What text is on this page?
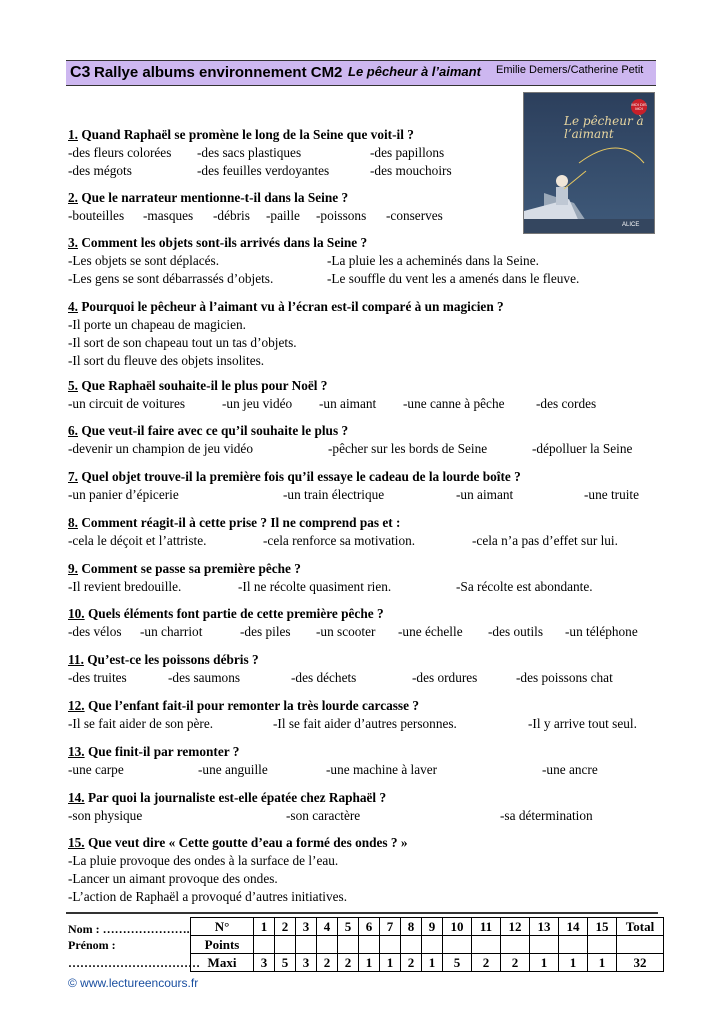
C3 Rallye albums environnement CM2 Le pêcheur à l’aimant Emilie Demers/Catherine Petit
Le pêcheur à l’aimant
MOI DIS MOI
ALICE
1. Quand Raphaël se promène le long de la Seine que voit-il ?
-des fleurs colorées -des sacs plastiques	-des papillons
-des mégots	-des feuilles verdoyantes	-des mouchoirs
2. Que le narrateur mentionne-t-il dans la Seine ?
-bouteilles -masques -débris -paille -poissons -conserves
3. Comment les objets sont-ils arrivés dans la Seine ?
-Les objets se sont déplacés.	-La pluie les a acheminés dans la Seine.
-Les gens se sont débarrassés d’objets.	-Le souffle du vent les a amenés dans le fleuve.
4. Pourquoi le pêcheur à l’aimant vu à l’écran est-il comparé à un magicien ?
-Il porte un chapeau de magicien.
-Il sort de son chapeau tout un tas d’objets.
-Il sort du fleuve des objets insolites.
5. Que Raphaël souhaite-il le plus pour Noël ?
-un circuit de voitures	-un jeu vidéo -un aimant -une canne à pêche -des cordes
6. Que veut-il faire avec ce qu’il souhaite le plus ?
-devenir un champion de jeu vidéo	-pêcher sur les bords de Seine	-dépolluer la Seine
7. Quel objet trouve-il la première fois qu’il essaye le cadeau de la lourde boîte ?
-un panier d’épicerie	-un train électrique	-un aimant	-une truite
8. Comment réagit-il à cette prise ? Il ne comprend pas et :
-cela le déçoit et l’attriste.	-cela renforce sa motivation.	-cela n’a pas d’effet sur lui.
9. Comment se passe sa première pêche ?
-Il revient bredouille.	-Il ne récolte quasiment rien.	-Sa récolte est abondante.
10. Quels éléments font partie de cette première pêche ?
-des vélos -un charriot	-des piles -un scooter -une échelle -des outils -un téléphone
11. Qu’est-ce les poissons débris ?
-des truites	-des saumons	-des déchets	-des ordures	-des poissons chat
12. Que l’enfant fait-il pour remonter la très lourde carcasse ?
-Il se fait aider de son père.	-Il se fait aider d’autres personnes.	-Il y arrive tout seul.
13. Que finit-il par remonter ?
-une carpe	-une anguille	-une machine à laver	-une ancre
14. Par quoi la journaliste est-elle épatée chez Raphaël ?
-son physique	-son caractère	-sa détermination
15. Que veut dire « Cette goutte d’eau a formé des ondes ? »
-La pluie provoque des ondes à la surface de l’eau.
-Lancer un aimant provoque des ondes.
-L’action de Raphaël a provoqué d’autres initiatives.
Nom : ………………….
Prénom :
……………………………
N°	1	2	3	4	5	6	7	8	9	10	11	12	13	14	15	Total
Points																
Maxi	3	5	3	2	2	1	1	2	1	5	2	2	1	1	1	32
© www.lectureencours.fr
